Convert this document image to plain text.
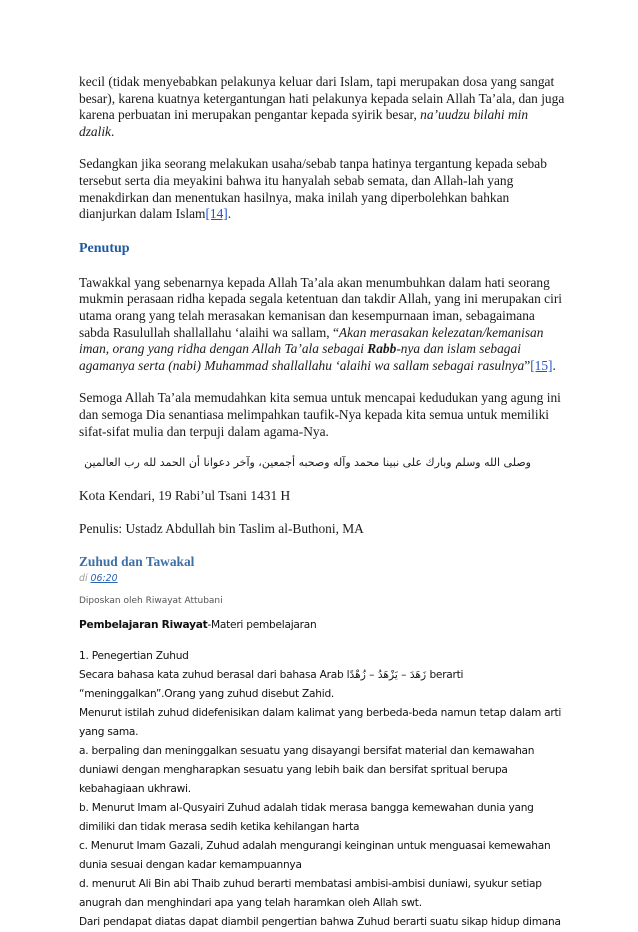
kecil (tidak menyebabkan pelakunya keluar dari Islam, tapi merupakan dosa yang sangat besar), karena kuatnya ketergantungan hati pelakunya kepada selain Allah Ta’ala, dan juga karena perbuatan ini merupakan pengantar kepada syirik besar, na’uudzu bilahi min dzalik.

Sedangkan jika seorang melakukan usaha/sebab tanpa hatinya tergantung kepada sebab tersebut serta dia meyakini bahwa itu hanyalah sebab semata, dan Allah-lah yang menakdirkan dan menentukan hasilnya, maka inilah yang diperbolehkan bahkan dianjurkan dalam Islam[14].

Penutup

Tawakkal yang sebenarnya kepada Allah Ta’ala akan menumbuhkan dalam hati seorang mukmin perasaan ridha kepada segala ketentuan dan takdir Allah, yang ini merupakan ciri utama orang yang telah merasakan kemanisan dan kesempurnaan iman, sebagaimana sabda Rasulullah shallallahu ‘alaihi wa sallam, “Akan merasakan kelezatan/kemanisan iman, orang yang ridha dengan Allah Ta’ala sebagai Rabb-nya dan islam sebagai agamanya serta (nabi) Muhammad shallallahu ‘alaihi wa sallam sebagai rasulnya”[15].

Semoga Allah Ta’ala memudahkan kita semua untuk mencapai kedudukan yang agung ini dan semoga Dia senantiasa melimpahkan taufik-Nya kepada kita semua untuk memiliki sifat-sifat mulia dan terpuji dalam agama-Nya.

وصلى الله وسلم وبارك على نبينا محمد وآله وصحبه أجمعين، وآخر دعوانا أن الحمد لله رب العالمين

Kota Kendari, 19 Rabi’ul Tsani 1431 H

Penulis: Ustadz Abdullah bin Taslim al-Buthoni, MA

Zuhud dan Tawakal
di 06:20
Diposkan oleh Riwayat Attubani

Pembelajaran Riwayat-Materi pembelajaran

1. Penegertian Zuhud

Secara bahasa kata zuhud berasal dari bahasa Arab زَهَدَ – يَزْهَدُ – زُهْدًا berarti “meninggalkan”.Orang yang zuhud disebut Zahid.

Menurut istilah zuhud didefenisikan dalam kalimat yang berbeda-beda namun tetap dalam arti yang sama.

a. berpaling dan meninggalkan sesuatu yang disayangi bersifat material dan kemawahan duniawi dengan mengharapkan sesuatu yang lebih baik dan bersifat spritual berupa kebahagiaan ukhrawi.

b. Menurut Imam al-Qusyairi Zuhud adalah tidak merasa bangga kemewahan dunia yang dimiliki dan tidak merasa sedih ketika kehilangan harta

c. Menurut Imam Gazali, Zuhud adalah mengurangi keinginan untuk menguasai kemewahan dunia sesuai dengan kadar kemampuannya

d. menurut Ali Bin abi Thaib zuhud berarti membatasi ambisi-ambisi duniawi, syukur setiap anugrah dan menghindari apa yang telah haramkan oleh Allah swt.

Dari pendapat diatas dapat diambil pengertian bahwa Zuhud berarti suatu sikap hidup dimana
